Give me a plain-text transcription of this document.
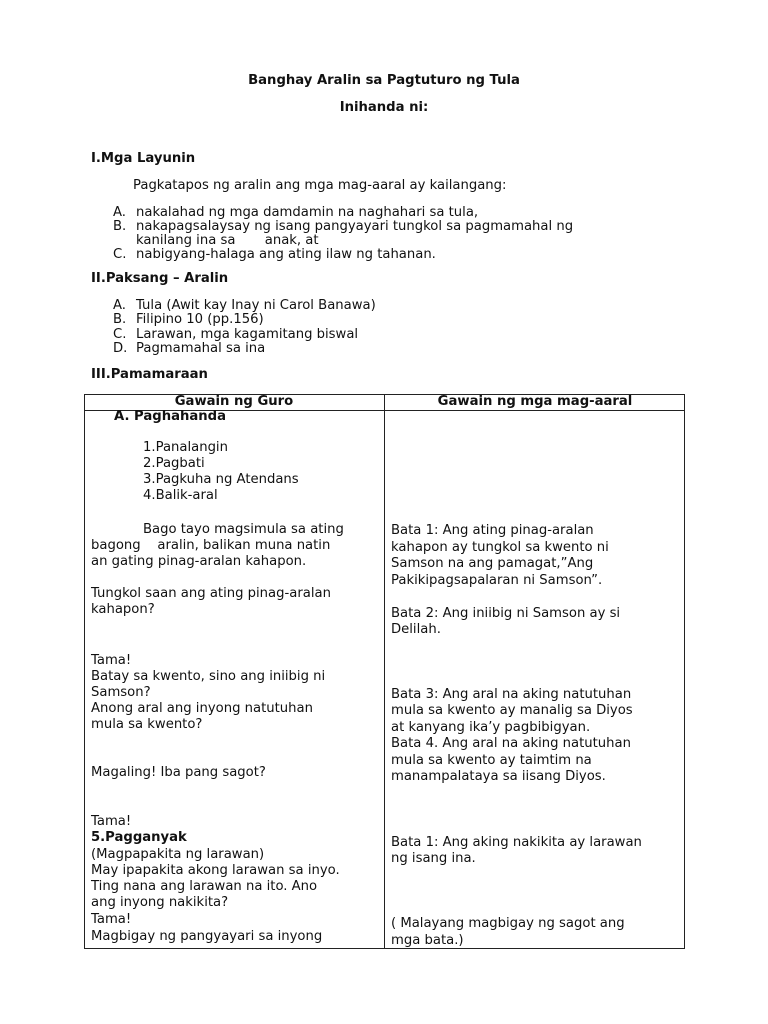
Banghay Aralin sa Pagtuturo ng Tula
Inihanda ni:
I.Mga Layunin
Pagkatapos ng aralin ang mga mag-aaral ay kailangang:
A. nakalahad ng mga damdamin na naghahari sa tula,
B. nakapagsalaysay ng isang pangyayari tungkol sa pagmamahal ng
kanilang ina sa       anak, at
C. nabigyang-halaga ang ating ilaw ng tahanan.
II.Paksang – Aralin
A. Tula (Awit kay Inay ni Carol Banawa)
B. Filipino 10 (pp.156)
C. Larawan, mga kagamitang biswal
D. Pagmamahal sa ina
III.Pamamaraan
Gawain ng Guro	Gawain ng mga mag-aaral
A. Paghahanda
1.Panalangin
2.Pagbati
3.Pagkuha ng Atendans
4.Balik-aral
Bago tayo magsimula sa ating
bagong    aralin, balikan muna natin
an gating pinag-aralan kahapon.
Tungkol saan ang ating pinag-aralan
kahapon?
Tama!
Batay sa kwento, sino ang iniibig ni
Samson?
Anong aral ang inyong natutuhan
mula sa kwento?
Magaling! Iba pang sagot?
Tama!
5.Pagganyak
(Magpapakita ng larawan)
May ipapakita akong larawan sa inyo.
Ting nana ang larawan na ito. Ano
ang inyong nakikita?
Tama!
Magbigay ng pangyayari sa inyong
Bata 1: Ang ating pinag-aralan
kahapon ay tungkol sa kwento ni
Samson na ang pamagat,”Ang
Pakikipagsapalaran ni Samson”.
Bata 2: Ang iniibig ni Samson ay si
Delilah.
Bata 3: Ang aral na aking natutuhan
mula sa kwento ay manalig sa Diyos
at kanyang ika’y pagbibigyan.
Bata 4. Ang aral na aking natutuhan
mula sa kwento ay taimtim na
manampalataya sa iisang Diyos.
Bata 1: Ang aking nakikita ay larawan
ng isang ina.
( Malayang magbigay ng sagot ang
mga bata.)
